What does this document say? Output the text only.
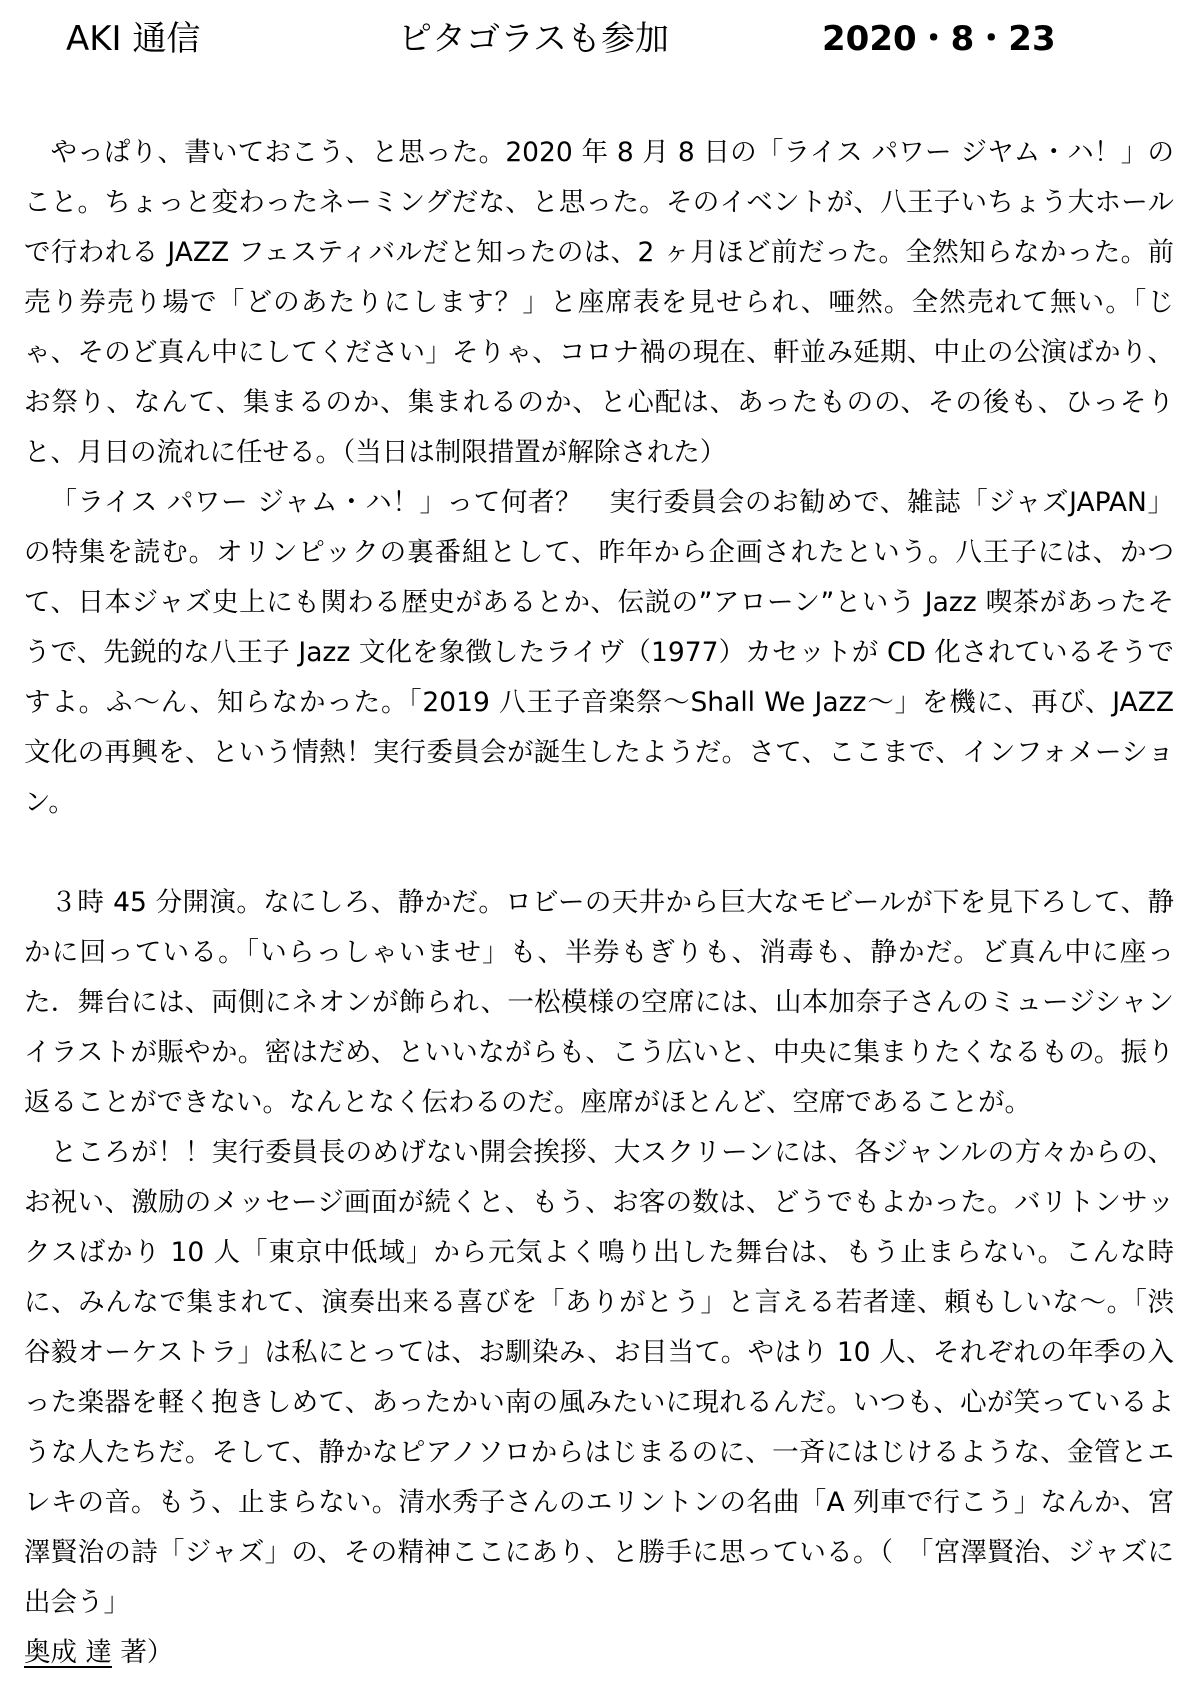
AKI 通信	ピタゴラスも参加	2020・8・23

やっぱり、書いておこう、と思った。2020 年 8 月 8 日の「ライス パワー ジヤム・ハ！」のこと。ちょっと変わったネーミングだな、と思った。そのイベントが、八王子いちょう大ホールで行われる JAZZ フェスティバルだと知ったのは、2 ヶ月ほど前だった。全然知らなかった。前売り券売り場で「どのあたりにします？」と座席表を見せられ、唖然。全然売れて無い。「じゃ、そのど真ん中にしてください」そりゃ、コロナ禍の現在、軒並み延期、中止の公演ばかり、お祭り、なんて、集まるのか、集まれるのか、と心配は、あったものの、その後も、ひっそりと、月日の流れに任せる。（当日は制限措置が解除された）

「ライス パワー ジャム・ハ！」って何者？　実行委員会のお勧めで、雑誌「ジャズJAPAN」の特集を読む。オリンピックの裏番組として、昨年から企画されたという。八王子には、かつて、日本ジャズ史上にも関わる歴史があるとか、伝説の”アローン”という Jazz 喫茶があったそうで、先鋭的な八王子 Jazz 文化を象徴したライヴ（1977）カセットが CD 化されているそうですよ。ふ～ん、知らなかった。「2019 八王子音楽祭～Shall We Jazz～」を機に、再び、JAZZ 文化の再興を、という情熱！実行委員会が誕生したようだ。さて、ここまで、インフォメーション。

３時 45 分開演。なにしろ、静かだ。ロビーの天井から巨大なモビールが下を見下ろして、静かに回っている。「いらっしゃいませ」も、半券もぎりも、消毒も、静かだ。ど真ん中に座った．舞台には、両側にネオンが飾られ、一松模様の空席には、山本加奈子さんのミュージシャンイラストが賑やか。密はだめ、といいながらも、こう広いと、中央に集まりたくなるもの。振り返ることができない。なんとなく伝わるのだ。座席がほとんど、空席であることが。

ところが！！実行委員長のめげない開会挨拶、大スクリーンには、各ジャンルの方々からの、お祝い、激励のメッセージ画面が続くと、もう、お客の数は、どうでもよかった。バリトンサックスばかり 10 人「東京中低域」から元気よく鳴り出した舞台は、もう止まらない。こんな時に、みんなで集まれて、演奏出来る喜びを「ありがとう」と言える若者達、頼もしいな～。「渋谷毅オーケストラ」は私にとっては、お馴染み、お目当て。やはり 10 人、それぞれの年季の入った楽器を軽く抱きしめて、あったかい南の風みたいに現れるんだ。いつも、心が笑っているような人たちだ。そして、静かなピアノソロからはじまるのに、一斉にはじけるような、金管とエレキの音。もう、止まらない。清水秀子さんのエリントンの名曲「A 列車で行こう」なんか、宮澤賢治の詩「ジャズ」の、その精神ここにあり、と勝手に思っている。（　「宮澤賢治、ジャズに出会う」

奥成 達 著）
